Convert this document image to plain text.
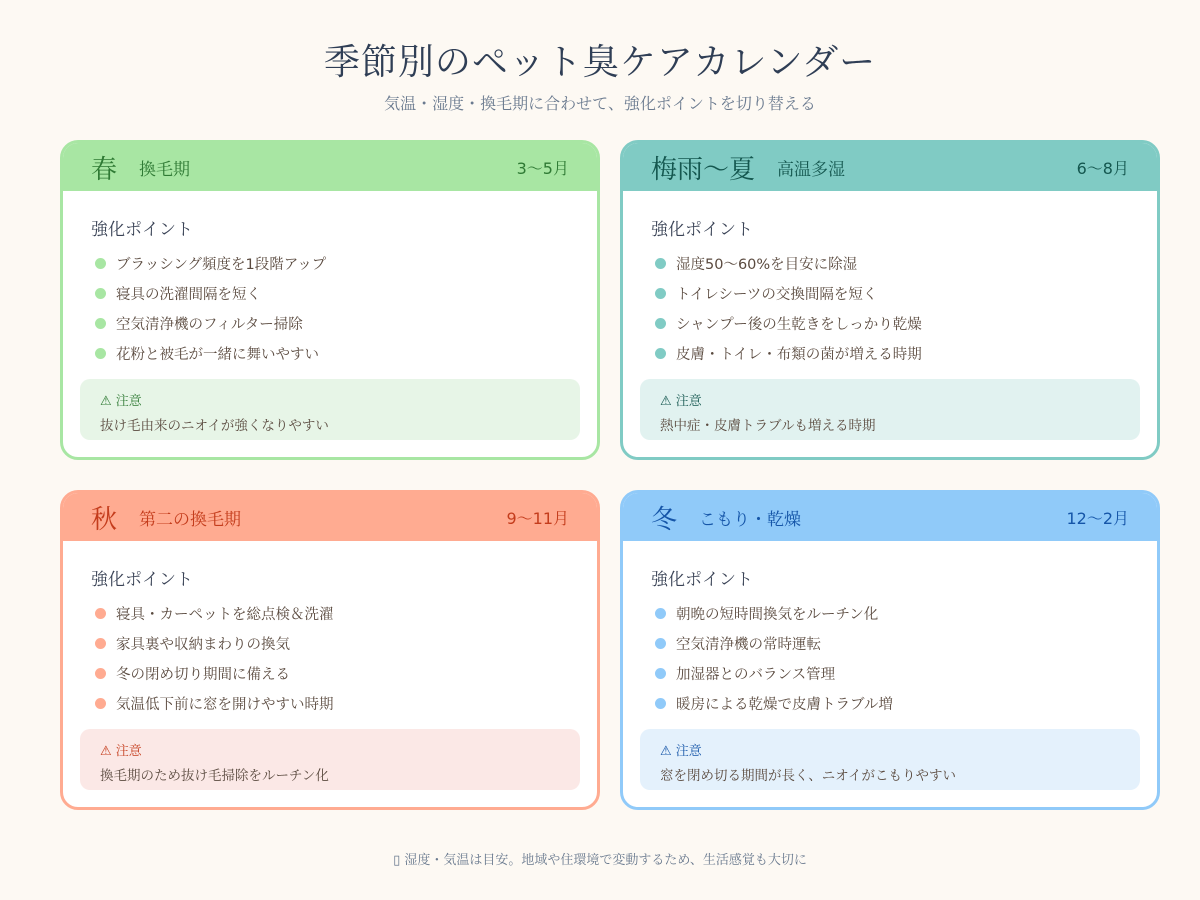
季節別のペット臭ケアカレンダー
気温・湿度・換毛期に合わせて、強化ポイントを切り替える
春 換毛期	3〜5月
強化ポイント
ブラッシング頻度を1段階アップ
寝具の洗濯間隔を短く
空気清浄機のフィルター掃除
花粉と被毛が一緒に舞いやすい
⚠ 注意
抜け毛由来のニオイが強くなりやすい
梅雨〜夏 高温多湿	6〜8月
強化ポイント
湿度50〜60%を目安に除湿
トイレシーツの交換間隔を短く
シャンプー後の生乾きをしっかり乾燥
皮膚・トイレ・布類の菌が増える時期
⚠ 注意
熱中症・皮膚トラブルも増える時期
秋 第二の換毛期	9〜11月
強化ポイント
寝具・カーペットを総点検＆洗濯
家具裏や収納まわりの換気
冬の閉め切り期間に備える
気温低下前に窓を開けやすい時期
⚠ 注意
換毛期のため抜け毛掃除をルーチン化
冬 こもり・乾燥	12〜2月
強化ポイント
朝晩の短時間換気をルーチン化
空気清浄機の常時運転
加湿器とのバランス管理
暖房による乾燥で皮膚トラブル増
⚠ 注意
窓を閉め切る期間が長く、ニオイがこもりやすい
▯ 湿度・気温は目安。地域や住環境で変動するため、生活感覚も大切に
